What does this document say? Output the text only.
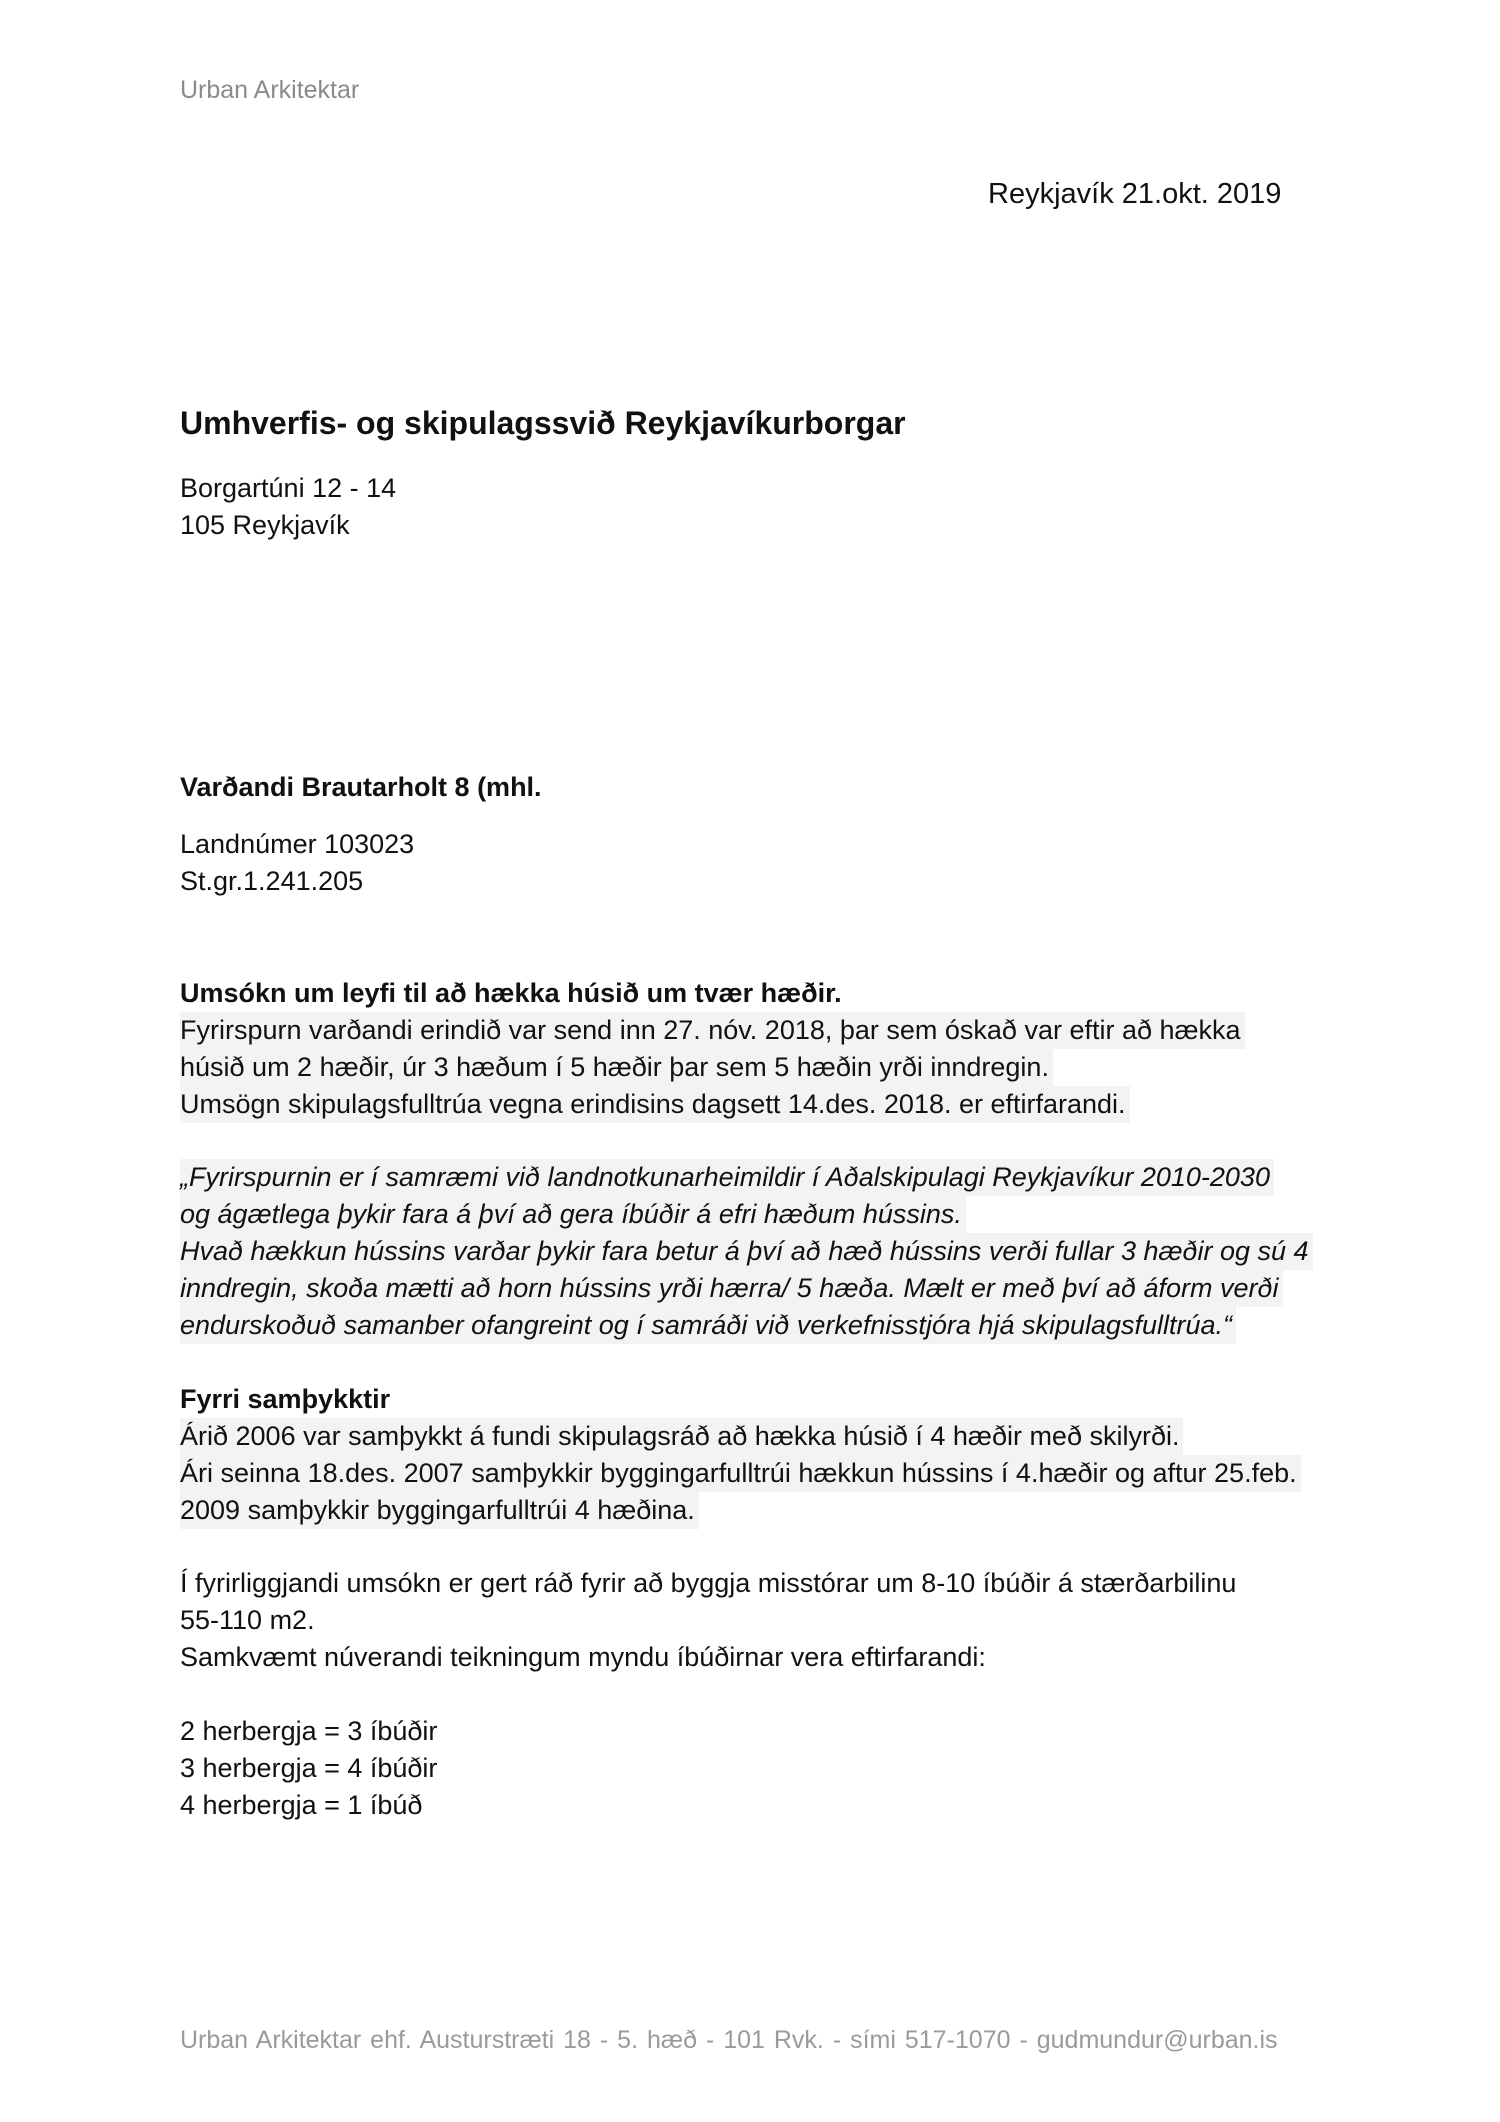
Urban Arkitektar
Reykjavík 21.okt. 2019
Umhverfis- og skipulagssvið Reykjavíkurborgar
Borgartúni 12 - 14
105 Reykjavík
Varðandi Brautarholt 8 (mhl.
Landnúmer 103023
St.gr.1.241.205
Umsókn um leyfi til að hækka húsið um tvær hæðir.
Fyrirspurn varðandi erindið var send inn 27. nóv. 2018, þar sem óskað var eftir að hækka
húsið um 2 hæðir, úr 3 hæðum í 5 hæðir þar sem 5 hæðin yrði inndregin.
Umsögn skipulagsfulltrúa vegna erindisins dagsett 14.des. 2018. er eftirfarandi.
„Fyrirspurnin er í samræmi við landnotkunarheimildir í Aðalskipulagi Reykjavíkur 2010-2030
og ágætlega þykir fara á því að gera íbúðir á efri hæðum hússins.
Hvað hækkun hússins varðar þykir fara betur á því að hæð hússins verði fullar 3 hæðir og sú 4
inndregin, skoða mætti að horn hússins yrði hærra/ 5 hæða. Mælt er með því að áform verði
endurskoðuð samanber ofangreint og í samráði við verkefnisstjóra hjá skipulagsfulltrúa.“
Fyrri samþykktir
Árið 2006 var samþykkt á fundi skipulagsráð að hækka húsið í 4 hæðir með skilyrði.
Ári seinna 18.des. 2007 samþykkir byggingarfulltrúi hækkun hússins í 4.hæðir og aftur 25.feb.
2009 samþykkir byggingarfulltrúi 4 hæðina.
Í fyrirliggjandi umsókn er gert ráð fyrir að byggja misstórar um 8-10 íbúðir á stærðarbilinu
55-110 m2.
Samkvæmt núverandi teikningum myndu íbúðirnar vera eftirfarandi:
2 herbergja = 3 íbúðir
3 herbergja = 4 íbúðir
4 herbergja = 1 íbúð
Urban Arkitektar ehf. Austurstræti 18 - 5. hæð - 101 Rvk. - sími 517-1070 - gudmundur@urban.is
